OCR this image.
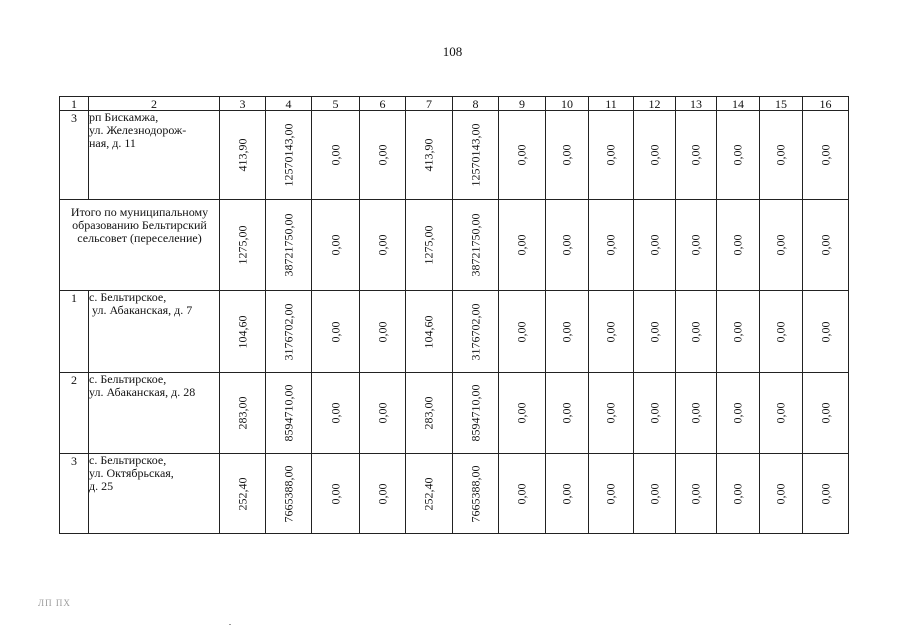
108
1	2	3	4	5	6	7	8	9	10	11	12	13	14	15	16
3	рп Бискамжа,
ул. Железнодорож-
ная, д. 11	413,90	12570143,00	0,00	0,00	413,90	12570143,00	0,00	0,00	0,00	0,00	0,00	0,00	0,00	0,00

Итого по муниципальному
образованию Бельтирский
сельсовет (переселение)		1275,00	38721750,00	0,00	0,00	1275,00	38721750,00	0,00	0,00	0,00	0,00	0,00	0,00	0,00	0,00

1	с. Бельтирское,
ул. Абаканская, д. 7	104,60	3176702,00	0,00	0,00	104,60	3176702,00	0,00	0,00	0,00	0,00	0,00	0,00	0,00	0,00

2	с. Бельтирское,
ул. Абаканская, д. 28	283,00	8594710,00	0,00	0,00	283,00	8594710,00	0,00	0,00	0,00	0,00	0,00	0,00	0,00	0,00

3	с. Бельтирское,
ул. Октябрьская,
д. 25	252,40	7665388,00	0,00	0,00	252,40	7665388,00	0,00	0,00	0,00	0,00	0,00	0,00	0,00	0,00
ЛП ПХ
